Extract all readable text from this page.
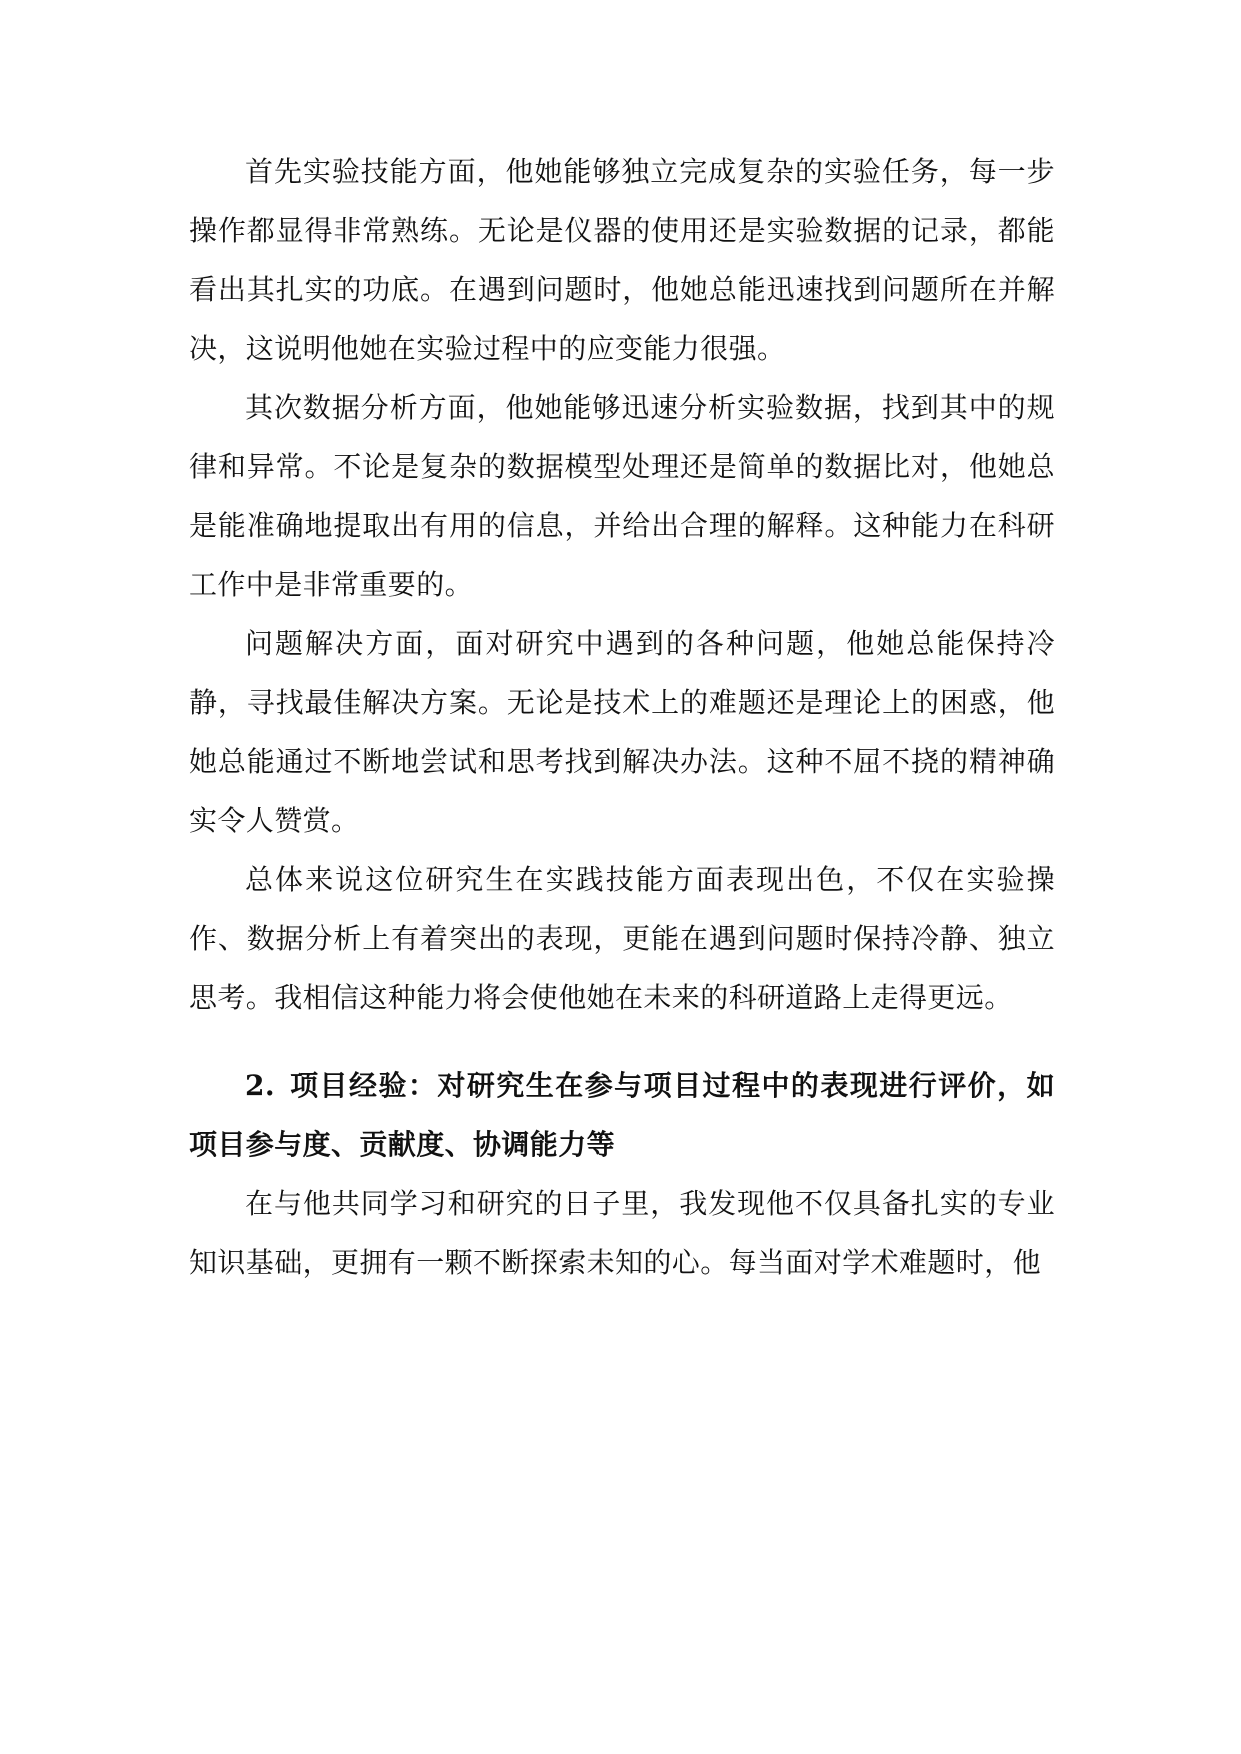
首先实验技能方面，他她能够独立完成复杂的实验任务，每一步操作都显得非常熟练。无论是仪器的使用还是实验数据的记录，都能看出其扎实的功底。在遇到问题时，他她总能迅速找到问题所在并解决，这说明他她在实验过程中的应变能力很强。

其次数据分析方面，他她能够迅速分析实验数据，找到其中的规律和异常。不论是复杂的数据模型处理还是简单的数据比对，他她总是能准确地提取出有用的信息，并给出合理的解释。这种能力在科研工作中是非常重要的。

问题解决方面，面对研究中遇到的各种问题，他她总能保持冷静，寻找最佳解决方案。无论是技术上的难题还是理论上的困惑，他她总能通过不断地尝试和思考找到解决办法。这种不屈不挠的精神确实令人赞赏。

总体来说这位研究生在实践技能方面表现出色，不仅在实验操作、数据分析上有着突出的表现，更能在遇到问题时保持冷静、独立思考。我相信这种能力将会使他她在未来的科研道路上走得更远。

2. 项目经验：对研究生在参与项目过程中的表现进行评价，如项目参与度、贡献度、协调能力等

在与他共同学习和研究的日子里，我发现他不仅具备扎实的专业知识基础，更拥有一颗不断探索未知的心。每当面对学术难题时，他
